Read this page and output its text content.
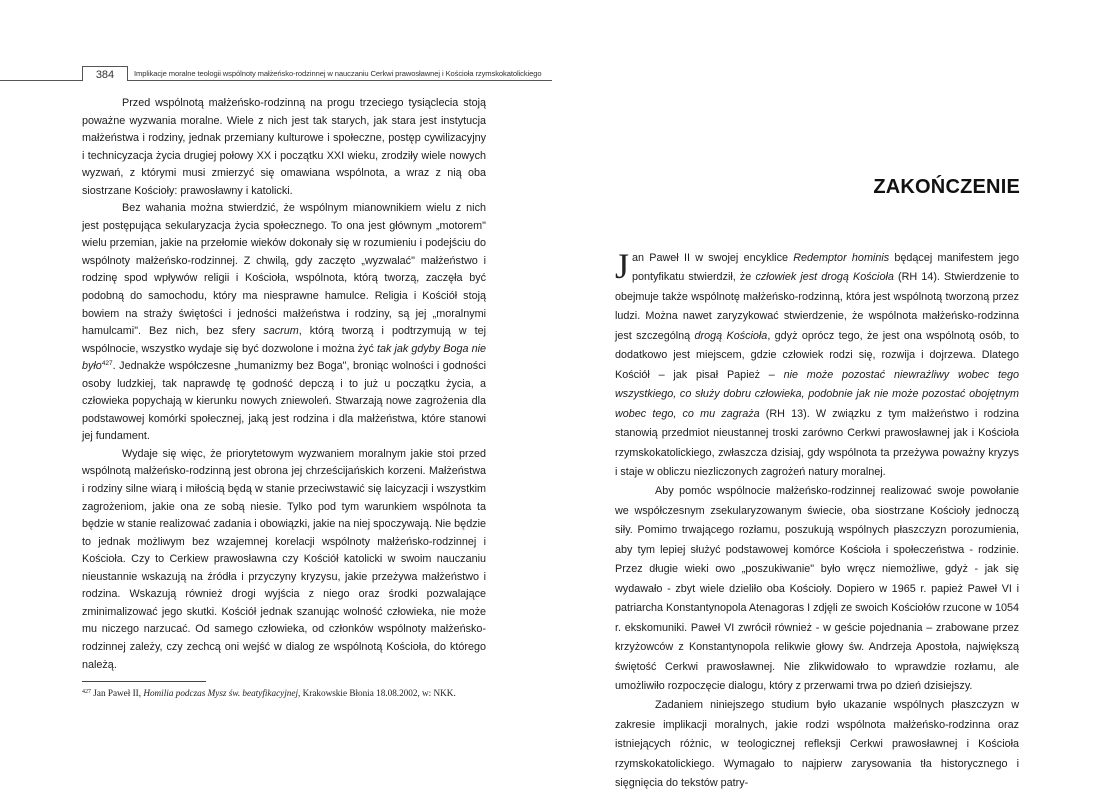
384	Implikacje moralne teologii wspólnoty małżeńsko-rodzinnej w nauczaniu Cerkwi prawosławnej i Kościoła rzymskokatolickiego

Przed wspólnotą małżeńsko-rodzinną na progu trzeciego tysiąclecia stoją poważne wyzwania moralne. Wiele z nich jest tak starych, jak stara jest instytucja małżeństwa i rodziny, jednak przemiany kulturowe i społeczne, postęp cywilizacyjny i technicyzacja życia drugiej połowy XX i początku XXI wieku, zrodziły wiele nowych wyzwań, z którymi musi zmierzyć się omawiana wspólnota, a wraz z nią oba siostrzane Kościoły: prawosławny i katolicki.

Bez wahania można stwierdzić, że wspólnym mianownikiem wielu z nich jest postępująca sekularyzacja życia społecznego. To ona jest głównym „motorem" wielu przemian, jakie na przełomie wieków dokonały się w rozumieniu i podejściu do wspólnoty małżeńsko-rodzinnej. Z chwilą, gdy zaczęto „wyzwalać" małżeństwo i rodzinę spod wpływów religii i Kościoła, wspólnota, którą tworzą, zaczęła być podobną do samochodu, który ma niesprawne hamulce. Religia i Kościół stoją bowiem na straży świętości i jedności małżeństwa i rodziny, są jej „moralnymi hamulcami". Bez nich, bez sfery sacrum, którą tworzą i podtrzymują w tej wspólnocie, wszystko wydaje się być dozwolone i można żyć tak jak gdyby Boga nie było$^{427}$. Jednakże współczesne „humanizmy bez Boga", broniąc wolności i godności osoby ludzkiej, tak naprawdę tę godność depczą i to już u początku życia, a człowieka popychają w kierunku nowych zniewoleń. Stwarzają nowe zagrożenia dla podstawowej komórki społecznej, jaką jest rodzina i dla małżeństwa, które stanowi jej fundament.

Wydaje się więc, że priorytetowym wyzwaniem moralnym jakie stoi przed wspólnotą małżeńsko-rodzinną jest obrona jej chrześcijańskich korzeni. Małżeństwa i rodziny silne wiarą i miłością będą w stanie przeciwstawić się laicyzacji i wszystkim zagrożeniom, jakie ona ze sobą niesie. Tylko pod tym warunkiem wspólnota ta będzie w stanie realizować zadania i obowiązki, jakie na niej spoczywają. Nie będzie to jednak możliwym bez wzajemnej korelacji wspólnoty małżeńsko-rodzinnej i Kościoła. Czy to Cerkiew prawosławna czy Kościół katolicki w swoim nauczaniu nieustannie wskazują na źródła i przyczyny kryzysu, jakie przeżywa małżeństwo i rodzina. Wskazują również drogi wyjścia z niego oraz środki pozwalające zminimalizować jego skutki. Kościół jednak szanując wolność człowieka, nie może mu niczego narzucać. Od samego człowieka, od członków wspólnoty małżeńsko-rodzinnej zależy, czy zechcą oni wejść w dialog ze wspólnotą Kościoła, do którego należą.

$^{427}$ Jan Paweł II, Homilia podczas Mysz św. beatyfikacyjnej, Krakowskie Błonia 18.08.2002, w: NKK.
ZAKOŃCZENIE

Jan Paweł II w swojej encyklice Redemptor hominis będącej manifestem jego pontyfikatu stwierdził, że człowiek jest drogą Kościoła (RH 14). Stwierdzenie to obejmuje także wspólnotę małżeńsko-rodzinną, która jest wspólnotą tworzoną przez ludzi. Można nawet zaryzykować stwierdzenie, że wspólnota małżeńsko-rodzinna jest szczególną drogą Kościoła, gdyż oprócz tego, że jest ona wspólnotą osób, to dodatkowo jest miejscem, gdzie człowiek rodzi się, rozwija i dojrzewa. Dlatego Kościół – jak pisał Papież – nie może pozostać niewrażliwy wobec tego wszystkiego, co służy dobru człowieka, podobnie jak nie może pozostać obojętnym wobec tego, co mu zagraża (RH 13). W związku z tym małżeństwo i rodzina stanowią przedmiot nieustannej troski zarówno Cerkwi prawosławnej jak i Kościoła rzymskokatolickiego, zwłaszcza dzisiaj, gdy wspólnota ta przeżywa poważny kryzys i staje w obliczu niezliczonych zagrożeń natury moralnej.

Aby pomóc wspólnocie małżeńsko-rodzinnej realizować swoje powołanie we współczesnym zsekularyzowanym świecie, oba siostrzane Kościoły jednoczą siły. Pomimo trwającego rozłamu, poszukują wspólnych płaszczyzn porozumienia, aby tym lepiej służyć podstawowej komórce Kościoła i społeczeństwa - rodzinie. Przez długie wieki owo „poszukiwanie" było wręcz niemożliwe, gdyż - jak się wydawało - zbyt wiele dzieliło oba Kościoły. Dopiero w 1965 r. papież Paweł VI i patriarcha Konstantynopola Atenagoras I zdjęli ze swoich Kościołów rzucone w 1054 r. ekskomuniki. Paweł VI zwrócił również - w geście pojednania – zrabowane przez krzyżowców z Konstantynopola relikwie głowy św. Andrzeja Apostoła, największą świętość Cerkwi prawosławnej. Nie zlikwidowało to wprawdzie rozłamu, ale umożliwiło rozpoczęcie dialogu, który z przerwami trwa po dzień dzisiejszy.

Zadaniem niniejszego studium było ukazanie wspólnych płaszczyzn w zakresie implikacji moralnych, jakie rodzi wspólnota małżeńsko-rodzinna oraz istniejących różnic, w teologicznej refleksji Cerkwi prawosławnej i Kościoła rzymskokatolickiego. Wymagało to najpierw zarysowania tła historycznego i sięgnięcia do tekstów patry-
